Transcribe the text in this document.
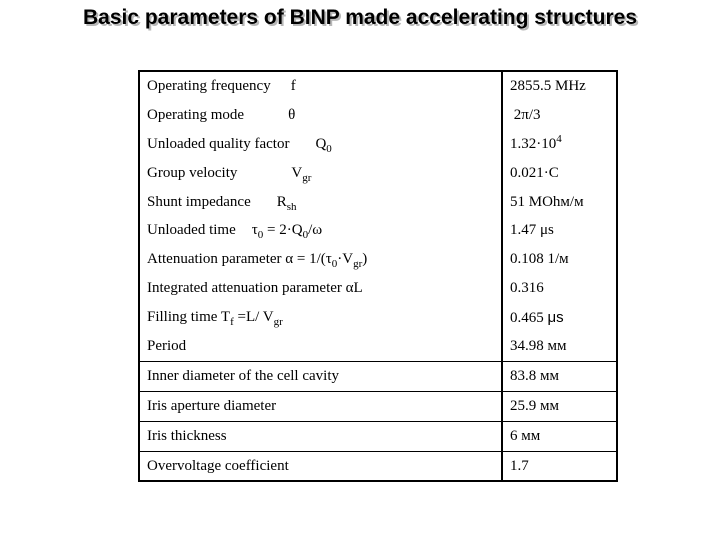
Basic parameters of BINP made accelerating structures
Operating frequency f	2855.5 MHz
Operating mode θ	2π/3
Unloaded quality factor $Q_0$	$1.32\cdot 10^4$
Group velocity $V_{gr}$	0.021·C
Shunt impedance $R_{sh}$	51 MOhм/м
Unloaded time $\tau_0 = 2\cdot Q_0/\omega$	1.47 μs
Attenuation parameter $\alpha = 1/(\tau_0\cdot V_{gr})$	0.108 1/м
Integrated attenuation parameter αL	0.316
Filling time $T_f =L/$ $V_{gr}$	0.465 μs
Period	34.98 мм
Inner diameter of the cell cavity	83.8 мм
Iris aperture diameter	25.9 мм
Iris thickness	6 мм
Overvoltage coefficient	1.7
